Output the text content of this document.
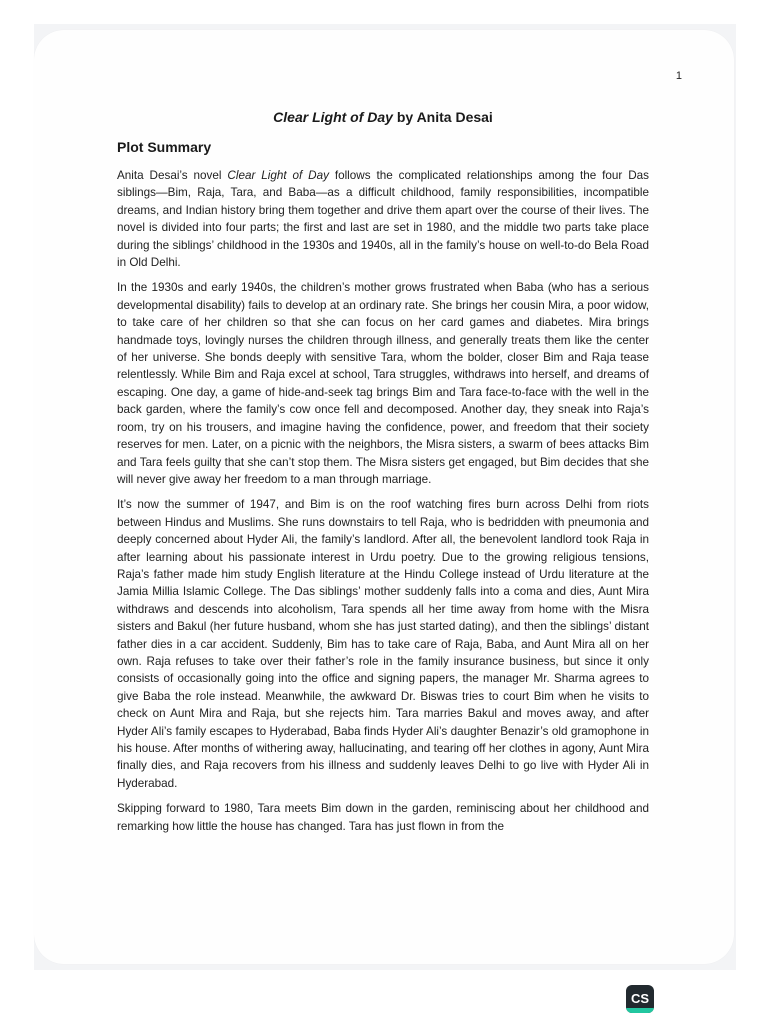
1
Clear Light of Day by Anita Desai
Plot Summary

Anita Desai’s novel Clear Light of Day follows the complicated relationships among the four Das siblings—Bim, Raja, Tara, and Baba—as a difficult childhood, family responsibilities, incompatible dreams, and Indian history bring them together and drive them apart over the course of their lives. The novel is divided into four parts; the first and last are set in 1980, and the middle two parts take place during the siblings’ childhood in the 1930s and 1940s, all in the family’s house on well-to-do Bela Road in Old Delhi.

In the 1930s and early 1940s, the children’s mother grows frustrated when Baba (who has a serious developmental disability) fails to develop at an ordinary rate. She brings her cousin Mira, a poor widow, to take care of her children so that she can focus on her card games and diabetes. Mira brings handmade toys, lovingly nurses the children through illness, and generally treats them like the center of her universe. She bonds deeply with sensitive Tara, whom the bolder, closer Bim and Raja tease relentlessly. While Bim and Raja excel at school, Tara struggles, withdraws into herself, and dreams of escaping. One day, a game of hide-and-seek tag brings Bim and Tara face-to-face with the well in the back garden, where the family’s cow once fell and decomposed. Another day, they sneak into Raja’s room, try on his trousers, and imagine having the confidence, power, and freedom that their society reserves for men. Later, on a picnic with the neighbors, the Misra sisters, a swarm of bees attacks Bim and Tara feels guilty that she can’t stop them. The Misra sisters get engaged, but Bim decides that she will never give away her freedom to a man through marriage.

It’s now the summer of 1947, and Bim is on the roof watching fires burn across Delhi from riots between Hindus and Muslims. She runs downstairs to tell Raja, who is bedridden with pneumonia and deeply concerned about Hyder Ali, the family’s landlord. After all, the benevolent landlord took Raja in after learning about his passionate interest in Urdu poetry. Due to the growing religious tensions, Raja’s father made him study English literature at the Hindu College instead of Urdu literature at the Jamia Millia Islamic College. The Das siblings’ mother suddenly falls into a coma and dies, Aunt Mira withdraws and descends into alcoholism, Tara spends all her time away from home with the Misra sisters and Bakul (her future husband, whom she has just started dating), and then the siblings’ distant father dies in a car accident. Suddenly, Bim has to take care of Raja, Baba, and Aunt Mira all on her own. Raja refuses to take over their father’s role in the family insurance business, but since it only consists of occasionally going into the office and signing papers, the manager Mr. Sharma agrees to give Baba the role instead. Meanwhile, the awkward Dr. Biswas tries to court Bim when he visits to check on Aunt Mira and Raja, but she rejects him. Tara marries Bakul and moves away, and after Hyder Ali’s family escapes to Hyderabad, Baba finds Hyder Ali’s daughter Benazir’s old gramophone in his house. After months of withering away, hallucinating, and tearing off her clothes in agony, Aunt Mira finally dies, and Raja recovers from his illness and suddenly leaves Delhi to go live with Hyder Ali in Hyderabad.

Skipping forward to 1980, Tara meets Bim down in the garden, reminiscing about her childhood and remarking how little the house has changed. Tara has just flown in from the

CS
